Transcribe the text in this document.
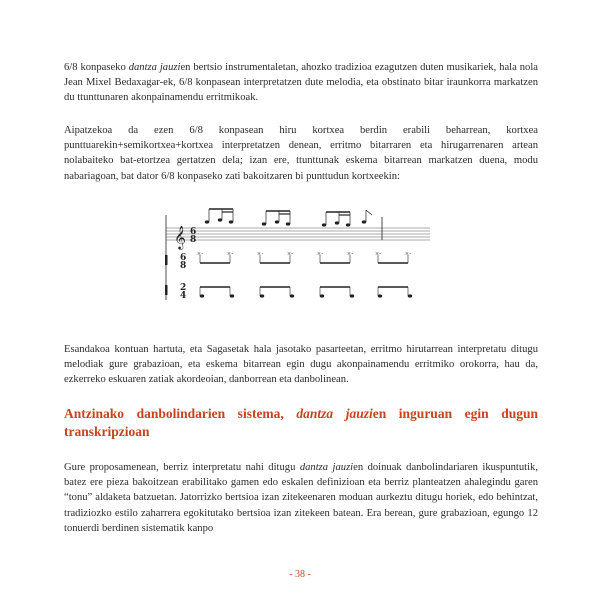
6/8 konpaseko dantza jauzien bertsio instrumentaletan, ahozko tradizioa ezagutzen duten musikariek, hala nola Jean Mixel Bedaxagar-ek, 6/8 konpasean interpretatzen dute melodia, eta obstinato bitar iraunkorra markatzen du ttunttunaren akonpainamendu erritmikoak.

Aipatzekoa da ezen 6/8 konpasean hiru kortxea berdin erabili beharrean, kortxea punttuarekin+semikortxea+kortxea interpretatzen denean, erritmo bitarraren eta hirugarrenaren artean nolabaiteko bat-etortzea gertatzen dela; izan ere, ttunttunak eskema bitarrean markatzen duena, modu nabariagoan, bat dator 6/8 konpaseko zati bakoitzaren bi punttudun kortxeekin:

Esandakoa kontuan hartuta, eta Sagasetak hala jasotako pasarteetan, erritmo hirutarrean interpretatu ditugu melodiak gure grabazioan, eta eskema bitarrean egin dugu akonpainamendu erritmiko orokorra, hau da, ezkerreko eskuaren zatiak akordeoian, danborrean eta danbolinean.

Antzinako danbolindarien sistema, dantza jauzien inguruan egin dugun transkripzioan

Gure proposamenean, berriz interpretatu nahi ditugu dantza jauzien doinuak danbolindariaren ikuspuntutik, batez ere pieza bakoitzean erabilitako gamen edo eskalen definizioan eta berriz planteatzen ahalegindu garen “tonu” aldaketa batzuetan. Jatorrizko bertsioa izan zitekeenaren moduan aurkeztu ditugu horiek, edo behintzat, tradiziozko estilo zaharrera egokitutako bertsioa izan zitekeen batean. Era berean, gure grabazioan, egungo 12 tonuerdi berdinen sistematik kanpo

𝄞 6
8
6
8
×·	×·	×·	×·	×·	×·	×·	×·
2
4
- 38 -
